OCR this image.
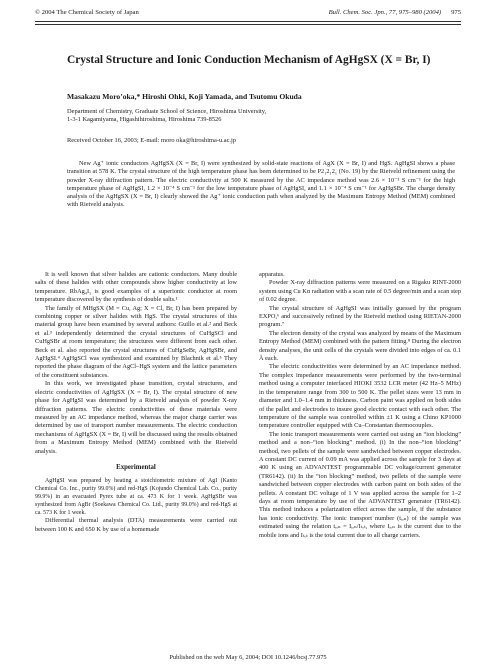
© 2004 The Chemical Society of Japan	Bull. Chem. Soc. Jpn., 77, 975–980 (2004) 975
Crystal Structure and Ionic Conduction Mechanism of AgHgSX (X = Br, I)
Masakazu Moro’oka,* Hiroshi Ohki, Koji Yamada, and Tsutomu Okuda
Department of Chemistry, Graduate School of Science, Hiroshima University,
1-3-1 Kagamiyama, Higashihiroshima, Hiroshima 739-8526
Received October 16, 2003; E-mail: moro oka@hiroshima-u.ac.jp
New Ag⁺ ionic conductors AgHgSX (X = Br, I) were synthesized by solid-state reactions of AgX (X = Br, I) and HgS. AgHgSI shows a phase transition at 578 K. The crystal structure of the high temperature phase has been determined to be P2₁2₁2₁ (No. 19) by the Rietveld refinement using the powder X-ray diffraction pattern. The electric conductivity at 500 K measured by the AC impedance method was 2.6 × 10⁻³ S cm⁻¹ for the high temperature phase of AgHgSI, 1.2 × 10⁻⁴ S cm⁻¹ for the low temperature phase of AgHgSI, and 1.1 × 10⁻⁴ S cm⁻¹ for AgHgSBr. The charge density analysis of the AgHgSX (X = Br, I) clearly showed the Ag⁺ ionic conduction path when analyzed by the Maximum Entropy Method (MEM) combined with Rietveld analysis.

It is well known that silver halides are cationic conductors. Many double salts of these halides with other compounds show higher conductivity at low temperature. RbAg₄I₅ is good examples of a superionic conductor at room temperature discovered by the synthesis of double salts.¹

The family of MHgSX (M = Cu, Ag; X = Cl, Br, I) has been prepared by combining copper or silver halides with HgS. The crystal structures of this material group have been examined by several authors: Guillo et al.² and Beck et al.³ independently determined the crystal structures of CuHgSCl and CuHgSBr at room temperature; the structures were different from each other. Beck et al. also reported the crystal structures of CuHgSeBr, AgHgSBr, and AgHgSI.⁴ AgHgSCl was synthesized and examined by Blachnik et al.⁵ They reported the phase diagram of the AgCl–HgS system and the lattice parameters of the constituent substances.

In this work, we investigated phase transition, crystal structures, and electric conductivities of AgHgSX (X = Br, I). The crystal structure of new phase for AgHgSI was determined by a Rietveld analysis of powder X-ray diffraction patterns. The electric conductivities of these materials were measured by an AC impedance method, whereas the major charge carrier was determined by use of transport number measurements. The electric conduction mechanisms of AgHgSX (X = Br, I) will be discussed using the results obtained from a Maximum Entropy Method (MEM) combined with the Rietveld analysis.

Experimental

AgHgSI was prepared by heating a stoichiometric mixture of AgI (Kanto Chemical Co. Inc., purity 99.0%) and red-HgS (Kojundo Chemical Lab. Co., purity 99.9%) in an evacuated Pyrex tube at ca. 473 K for 1 week. AgHgSBr was synthesized from AgBr (Soekawa Chemical Co. Ltd., purity 99.0%) and red-HgS at ca. 573 K for 1 week.

Differential thermal analysis (DTA) measurements were carried out between 100 K and 650 K by use of a homemade

apparatus.

Powder X-ray diffraction patterns were measured on a Rigaku RINT-2000 system using Cu Kα radiation with a scan rate of 0.5 degree/min and a scan step of 0.02 degree.

The crystal structure of AgHgSI was initially guessed by the program EXPO,⁶ and successively refined by the Rietveld method using RIETAN-2000 program.⁷

The electron density of the crystal was analyzed by means of the Maximum Entropy Method (MEM) combined with the pattern fitting.⁸ During the electron density analyses, the unit cells of the crystals were divided into edges of ca. 0.1 Å each.

The electric conductivities were determined by an AC impedance method. The complex impedance measurements were performed by the two-terminal method using a computer interfaced HIOKI 3532 LCR meter (42 Hz–5 MHz) in the temperature range from 300 to 500 K. The pellet sizes were 13 mm in diameter and 1.0–1.4 mm in thickness. Carbon paint was applied on both sides of the pallet and electrodes to insure good electric contact with each other. The temperature of the sample was controlled within ±1 K using a Chino KP1000 temperature controller equipped with Cu–Constantan thermocouples.

The ionic transport measurements were carried out using an “ion blocking” method and a non–“ion blocking” method. (i) In the non–“ion blocking” method, two pellets of the sample were sandwiched between copper electrodes. A constant DC current of 0.09 mA was applied across the sample for 3 days at 400 K using an ADVANTEST programmable DC voltage/current generator (TR6142). (ii) In the “ion blocking” method, two pellets of the sample were sandwiched between copper electrodes with carbon paint on both sides of the pellets. A constant DC voltage of 1 V was applied across the sample for 1–2 days at room temperature by use of the ADVANTEST generator (TR6142). This method induces a polarization effect across the sample, if the substance has ionic conductivity. The ionic transport number (tᵢₒₙ) of the sample was estimated using the relation tᵢₒₙ = Iᵢₒₙ/Iₜₒₜ, where Iᵢₒₙ is the current due to the mobile ions and Iₜₒₜ is the total current due to all charge carriers.

Published on the web May 6, 2004; DOI 10.1246/bcsj.77.975
